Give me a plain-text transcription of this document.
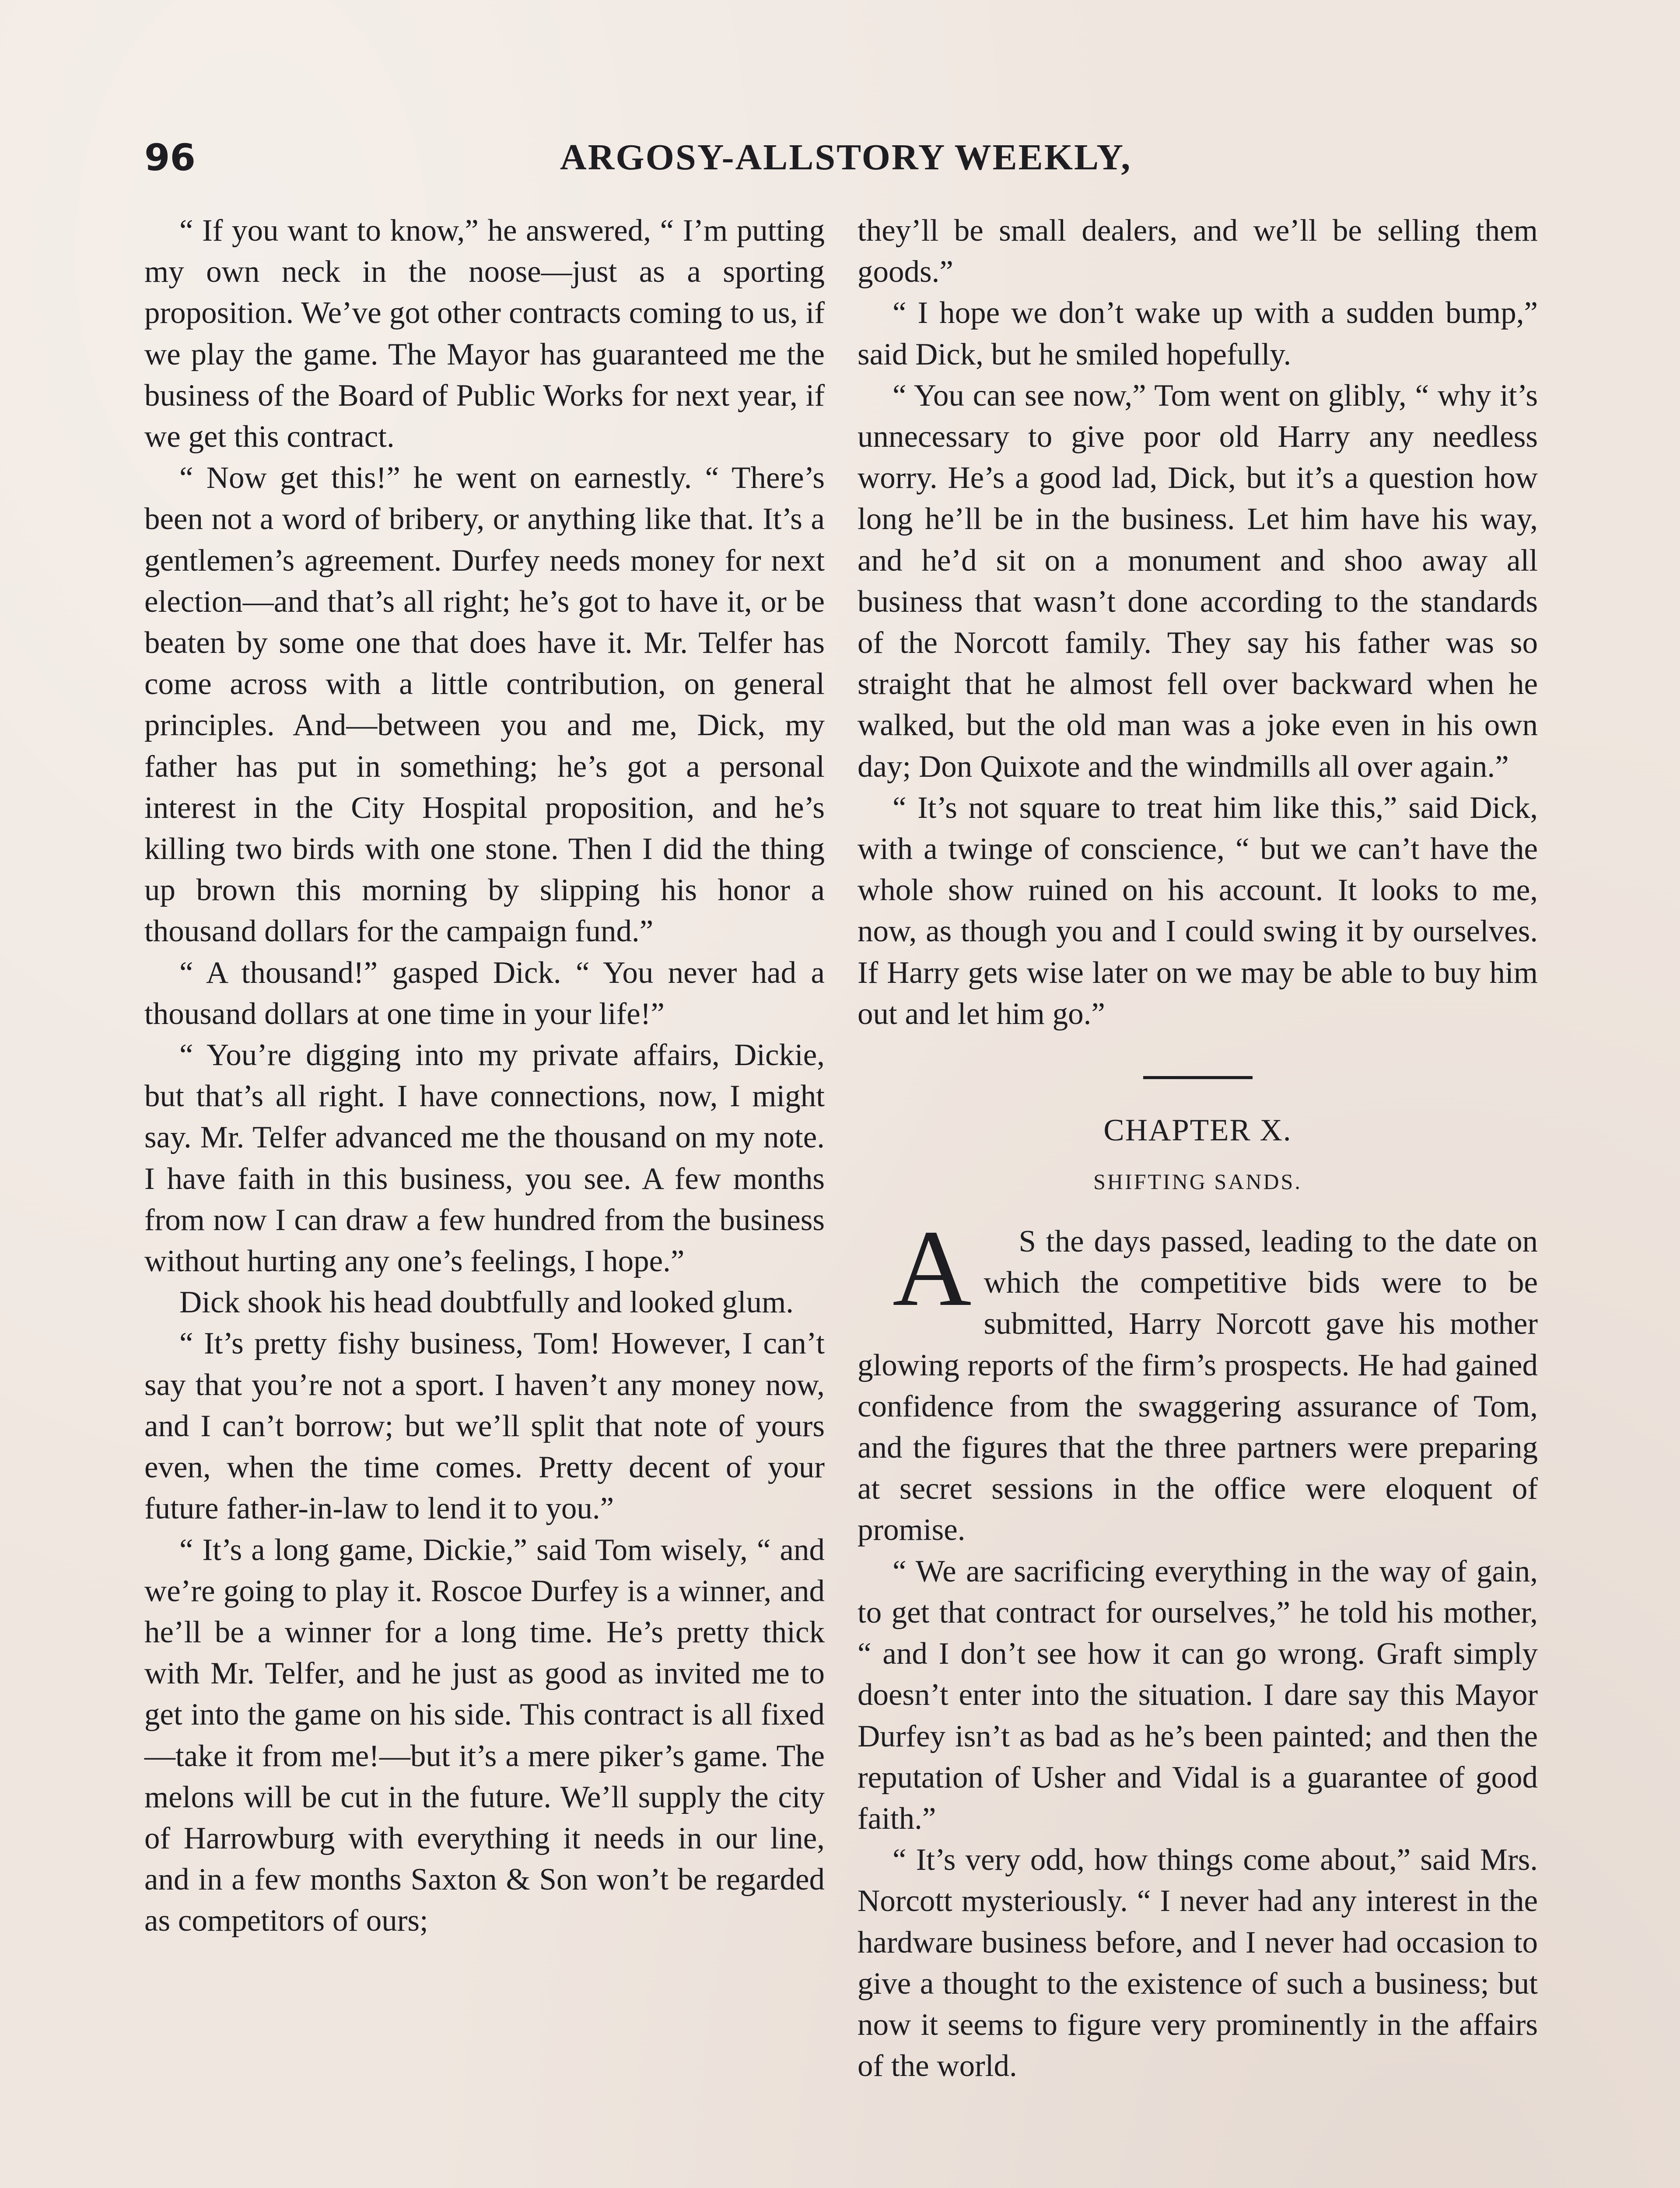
96	ARGOSY-ALLSTORY WEEKLY,

“ If you want to know,” he answered, “ I’m putting my own neck in the noose—just as a sporting proposition. We’ve got other contracts coming to us, if we play the game. The Mayor has guaranteed me the business of the Board of Public Works for next year, if we get this contract.

“ Now get this!” he went on earnestly. “ There’s been not a word of bribery, or anything like that. It’s a gentlemen’s agreement. Durfey needs money for next election—and that’s all right; he’s got to have it, or be beaten by some one that does have it. Mr. Telfer has come across with a little contribution, on general principles. And—between you and me, Dick, my father has put in something; he’s got a personal interest in the City Hospital proposition, and he’s killing two birds with one stone. Then I did the thing up brown this morning by slipping his honor a thousand dollars for the campaign fund.”

“ A thousand!” gasped Dick. “ You never had a thousand dollars at one time in your life!”

“ You’re digging into my private affairs, Dickie, but that’s all right. I have connections, now, I might say. Mr. Telfer advanced me the thousand on my note. I have faith in this business, you see. A few months from now I can draw a few hundred from the business without hurting any one’s feelings, I hope.”

Dick shook his head doubtfully and looked glum.

“ It’s pretty fishy business, Tom! However, I can’t say that you’re not a sport. I haven’t any money now, and I can’t borrow; but we’ll split that note of yours even, when the time comes. Pretty decent of your future father-in-law to lend it to you.”

“ It’s a long game, Dickie,” said Tom wisely, “ and we’re going to play it. Roscoe Durfey is a winner, and he’ll be a winner for a long time. He’s pretty thick with Mr. Telfer, and he just as good as invited me to get into the game on his side. This contract is all fixed—take it from me!—but it’s a mere piker’s game. The melons will be cut in the future. We’ll supply the city of Harrowburg with everything it needs in our line, and in a few months Saxton & Son won’t be regarded as competitors of ours;

they’ll be small dealers, and we’ll be selling them goods.”

“ I hope we don’t wake up with a sudden bump,” said Dick, but he smiled hopefully.

“ You can see now,” Tom went on glibly, “ why it’s unnecessary to give poor old Harry any needless worry. He’s a good lad, Dick, but it’s a question how long he’ll be in the business. Let him have his way, and he’d sit on a monument and shoo away all business that wasn’t done according to the standards of the Norcott family. They say his father was so straight that he almost fell over backward when he walked, but the old man was a joke even in his own day; Don Quixote and the windmills all over again.”

“ It’s not square to treat him like this,” said Dick, with a twinge of conscience, “ but we can’t have the whole show ruined on his account. It looks to me, now, as though you and I could swing it by ourselves. If Harry gets wise later on we may be able to buy him out and let him go.”

CHAPTER X.
SHIFTING SANDS.

A S the days passed, leading to the date on which the competitive bids were to be submitted, Harry Norcott gave his mother glowing reports of the firm’s prospects. He had gained confidence from the swaggering assurance of Tom, and the figures that the three partners were preparing at secret sessions in the office were eloquent of promise.

“ We are sacrificing everything in the way of gain, to get that contract for ourselves,” he told his mother, “ and I don’t see how it can go wrong. Graft simply doesn’t enter into the situation. I dare say this Mayor Durfey isn’t as bad as he’s been painted; and then the reputation of Usher and Vidal is a guarantee of good faith.”

“ It’s very odd, how things come about,” said Mrs. Norcott mysteriously. “ I never had any interest in the hardware business before, and I never had occasion to give a thought to the existence of such a business; but now it seems to figure very prominently in the affairs of the world.
